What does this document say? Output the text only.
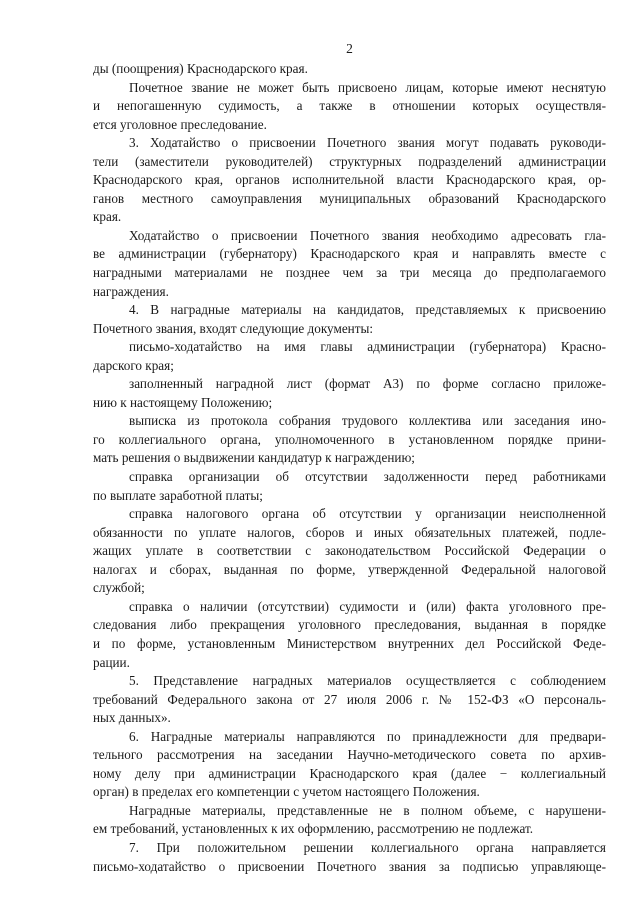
2

ды (поощрения) Краснодарского края.

Почетное звание не может быть присвоено лицам, которые имеют неснятую
и непогашенную судимость, а также в отношении которых осуществля-
ется уголовное преследование.

3. Ходатайство о присвоении Почетного звания могут подавать руководи-
тели (заместители руководителей) структурных подразделений администрации
Краснодарского края, органов исполнительной власти Краснодарского края, ор-
ганов местного самоуправления муниципальных образований Краснодарского
края.

Ходатайство о присвоении Почетного звания необходимо адресовать гла-
ве администрации (губернатору) Краснодарского края и направлять вместе с
наградными материалами не позднее чем за три месяца до предполагаемого
награждения.

4. В наградные материалы на кандидатов, представляемых к присвоению
Почетного звания, входят следующие документы:

письмо-ходатайство на имя главы администрации (губернатора) Красно-
дарского края;

заполненный наградной лист (формат А3) по форме согласно приложе-
нию к настоящему Положению;

выписка из протокола собрания трудового коллектива или заседания ино-
го коллегиального органа, уполномоченного в установленном порядке прини-
мать решения о выдвижении кандидатур к награждению;

справка организации об отсутствии задолженности перед работниками
по выплате заработной платы;

справка налогового органа об отсутствии у организации неисполненной
обязанности по уплате налогов, сборов и иных обязательных платежей, подле-
жащих уплате в соответствии с законодательством Российской Федерации о
налогах и сборах, выданная по форме, утвержденной Федеральной налоговой
службой;

справка о наличии (отсутствии) судимости и (или) факта уголовного пре-
следования либо прекращения уголовного преследования, выданная в порядке
и по форме, установленным Министерством внутренних дел Российской Феде-
рации.

5. Представление наградных материалов осуществляется с соблюдением
требований Федерального закона от 27 июля 2006 г. № 152-ФЗ «О персональ-
ных данных».

6. Наградные материалы направляются по принадлежности для предвари-
тельного рассмотрения на заседании Научно-методического совета по архив-
ному делу при администрации Краснодарского края (далее − коллегиальный
орган) в пределах его компетенции с учетом настоящего Положения.

Наградные материалы, представленные не в полном объеме, с нарушени-
ем требований, установленных к их оформлению, рассмотрению не подлежат.

7. При положительном решении коллегиального органа направляется
письмо-ходатайство о присвоении Почетного звания за подписью управляюще-
